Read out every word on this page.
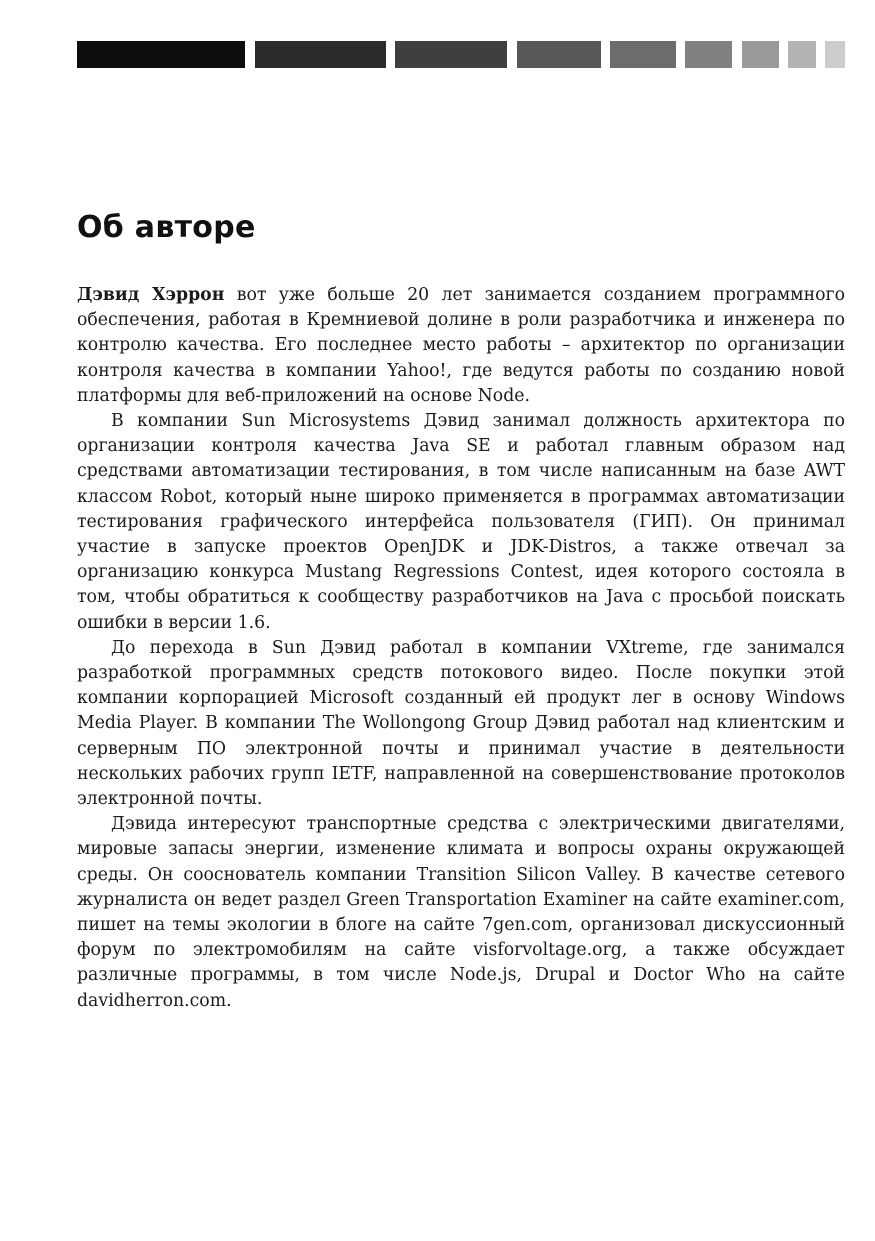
Об авторе

Дэвид Хэррон вот уже больше 20 лет занимается созданием программного обеспечения, работая в Кремниевой долине в роли разработчика и инженера по контролю качества. Его последнее место работы – архитектор по организации контроля качества в компании Yahoo!, где ведутся работы по созданию новой платформы для веб-приложений на основе Node.

В компании Sun Microsystems Дэвид занимал должность архитектора по организации контроля качества Java SE и работал главным образом над средствами автоматизации тестирования, в том числе написанным на базе AWT классом Robot, который ныне широко применяется в программах автоматизации тестирования графического интерфейса пользователя (ГИП). Он принимал участие в запуске проектов OpenJDK и JDK-Distros, а также отвечал за организацию конкурса Mustang Regressions Contest, идея которого состояла в том, чтобы обратиться к сообществу разработчиков на Java с просьбой поискать ошибки в версии 1.6.

До перехода в Sun Дэвид работал в компании VXtreme, где занимался разработкой программных средств потокового видео. После покупки этой компании корпорацией Microsoft созданный ей продукт лег в основу Windows Media Player. В компании The Wollongong Group Дэвид работал над клиентским и серверным ПО электронной почты и принимал участие в деятельности нескольких рабочих групп IETF, направленной на совершенствование протоколов электронной почты.

Дэвида интересуют транспортные средства с электрическими двигателями, мировые запасы энергии, изменение климата и вопросы охраны окружающей среды. Он сооснователь компании Transition Silicon Valley. В качестве сетевого журналиста он ведет раздел Green Transportation Examiner на сайте examiner.com, пишет на темы экологии в блоге на сайте 7gen.com, организовал дискуссионный форум по электромобилям на сайте visforvoltage.org, а также обсуждает различные программы, в том числе Node.js, Drupal и Doctor Who на сайте davidherron.com.
